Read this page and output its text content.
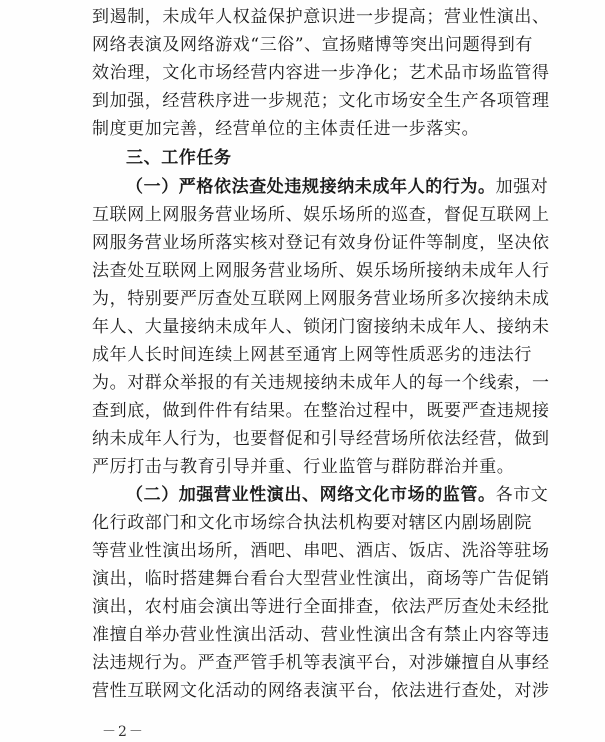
到遏制，未成年人权益保护意识进一步提高；营业性演出、
网络表演及网络游戏“三俗”、宣扬赌博等突出问题得到有
效治理，文化市场经营内容进一步净化；艺术品市场监管得
到加强，经营秩序进一步规范；文化市场安全生产各项管理
制度更加完善，经营单位的主体责任进一步落实。
三、工作任务
（一）严格依法查处违规接纳未成年人的行为。加强对
互联网上网服务营业场所、娱乐场所的巡查，督促互联网上
网服务营业场所落实核对登记有效身份证件等制度，坚决依
法查处互联网上网服务营业场所、娱乐场所接纳未成年人行
为，特别要严厉查处互联网上网服务营业场所多次接纳未成
年人、大量接纳未成年人、锁闭门窗接纳未成年人、接纳未
成年人长时间连续上网甚至通宵上网等性质恶劣的违法行
为。对群众举报的有关违规接纳未成年人的每一个线索，一
查到底，做到件件有结果。在整治过程中，既要严查违规接
纳未成年人行为，也要督促和引导经营场所依法经营，做到
严厉打击与教育引导并重、行业监管与群防群治并重。
（二）加强营业性演出、网络文化市场的监管。各市文
化行政部门和文化市场综合执法机构要对辖区内剧场剧院
等营业性演出场所，酒吧、串吧、酒店、饭店、洗浴等驻场
演出，临时搭建舞台看台大型营业性演出，商场等广告促销
演出，农村庙会演出等进行全面排查，依法严厉查处未经批
准擅自举办营业性演出活动、营业性演出含有禁止内容等违
法违规行为。严查严管手机等表演平台，对涉嫌擅自从事经
营性互联网文化活动的网络表演平台，依法进行查处，对涉
－2－
